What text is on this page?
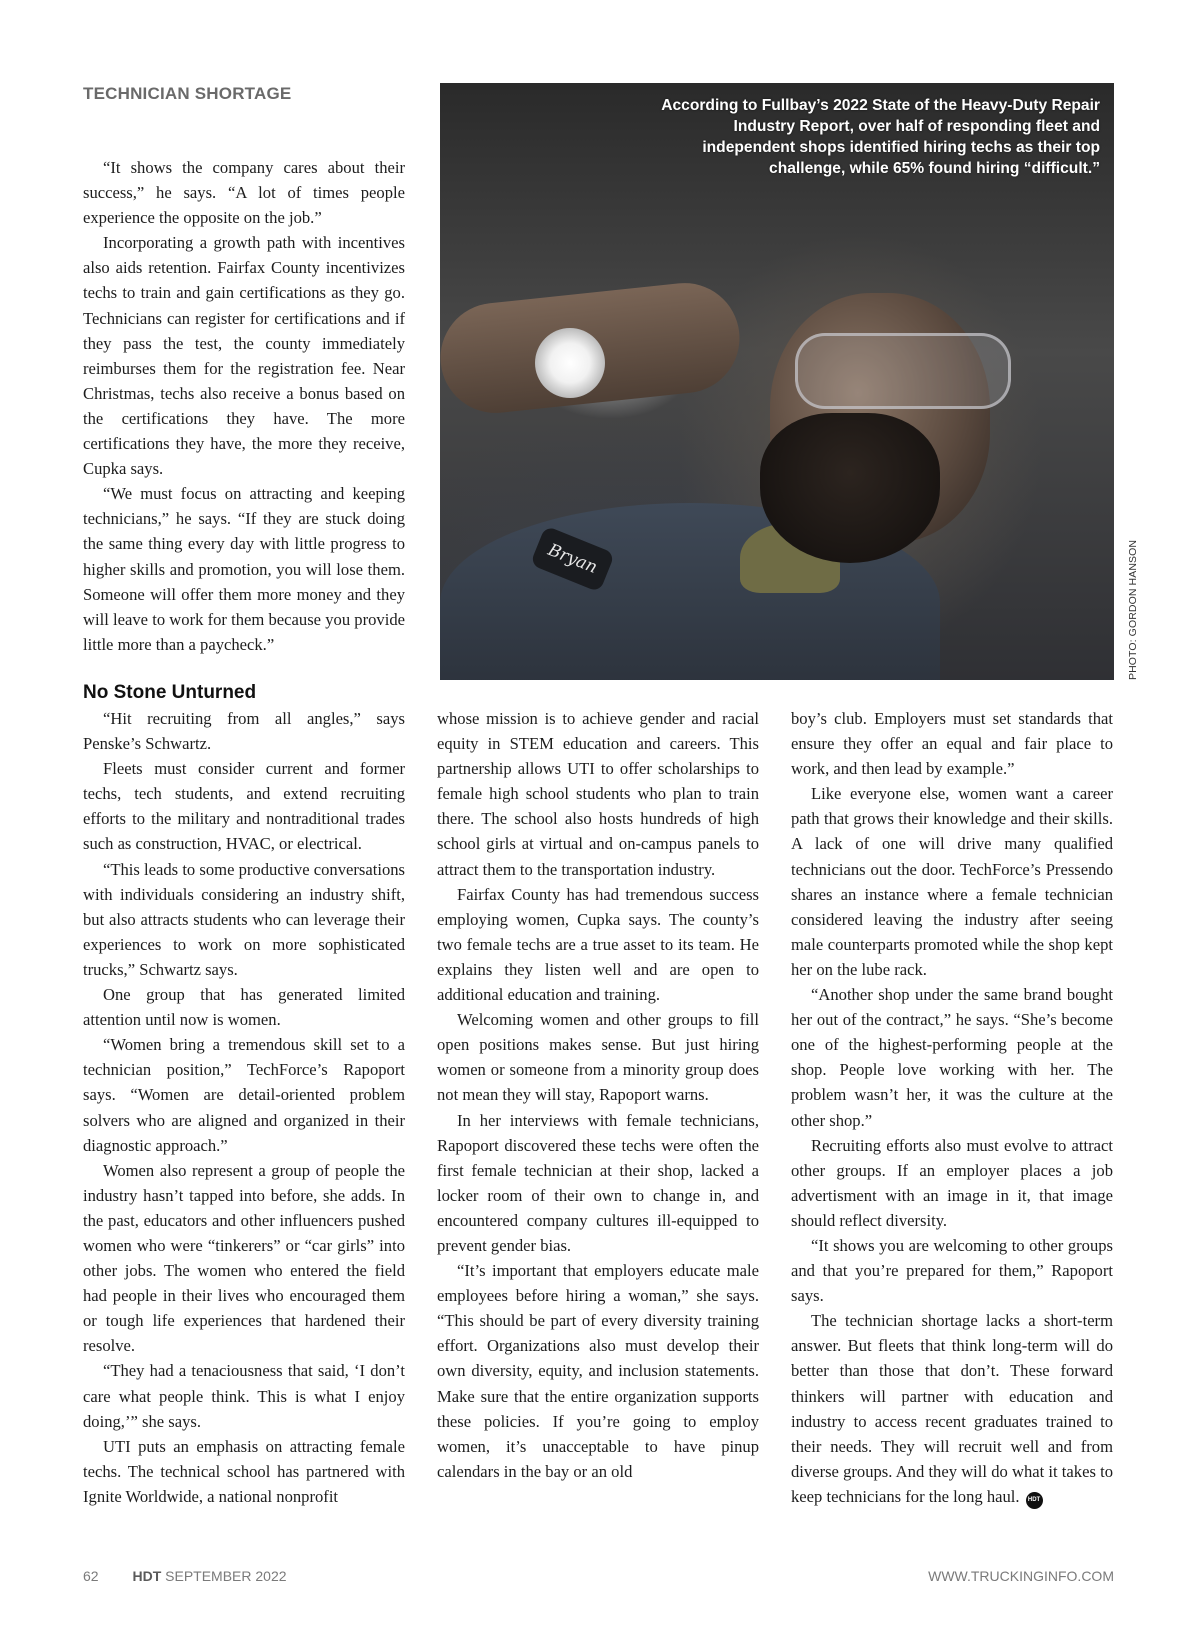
TECHNICIAN SHORTAGE

“It shows the company cares about their success,” he says. “A lot of times people experience the opposite on the job.”

Incorporating a growth path with incentives also aids retention. Fairfax County incentivizes techs to train and gain certifications as they go. Technicians can register for certifications and if they pass the test, the county immediately reimburses them for the registration fee. Near Christmas, techs also receive a bonus based on the certifications they have. The more certifications they have, the more they receive, Cupka says.

“We must focus on attracting and keeping technicians,” he says. “If they are stuck doing the same thing every day with little progress to higher skills and promotion, you will lose them. Someone will offer them more money and they will leave to work for them because you provide little more than a paycheck.”

Bryan

According to Fullbay’s 2022 State of the Heavy-Duty Repair Industry Report, over half of responding fleet and independent shops identified hiring techs as their top challenge, while 65% found hiring “difficult.”

PHOTO: GORDON HANSON
No Stone Unturned

“Hit recruiting from all angles,” says Penske’s Schwartz.

Fleets must consider current and former techs, tech students, and extend recruiting efforts to the military and nontraditional trades such as construction, HVAC, or electrical.

“This leads to some productive conversations with individuals considering an industry shift, but also attracts students who can leverage their experiences to work on more sophisticated trucks,” Schwartz says.

One group that has generated limited attention until now is women.

“Women bring a tremendous skill set to a technician position,” TechForce’s Rapoport says. “Women are detail-oriented problem solvers who are aligned and organized in their diagnostic approach.”

Women also represent a group of people the industry hasn’t tapped into before, she adds. In the past, educators and other influencers pushed women who were “tinkerers” or “car girls” into other jobs. The women who entered the field had people in their lives who encouraged them or tough life experiences that hardened their resolve.

“They had a tenaciousness that said, ‘I don’t care what people think. This is what I enjoy doing,’” she says.

UTI puts an emphasis on attracting female techs. The technical school has partnered with Ignite Worldwide, a national nonprofit

whose mission is to achieve gender and racial equity in STEM education and careers. This partnership allows UTI to offer scholarships to female high school students who plan to train there. The school also hosts hundreds of high school girls at virtual and on-campus panels to attract them to the transportation industry.

Fairfax County has had tremendous success employing women, Cupka says. The county’s two female techs are a true asset to its team. He explains they listen well and are open to additional education and training.

Welcoming women and other groups to fill open positions makes sense. But just hiring women or someone from a minority group does not mean they will stay, Rapoport warns.

In her interviews with female technicians, Rapoport discovered these techs were often the first female technician at their shop, lacked a locker room of their own to change in, and encountered company cultures ill-equipped to prevent gender bias.

“It’s important that employers educate male employees before hiring a woman,” she says. “This should be part of every diversity training effort. Organizations also must develop their own diversity, equity, and inclusion statements. Make sure that the entire organization supports these policies. If you’re going to employ women, it’s unacceptable to have pinup calendars in the bay or an old

boy’s club. Employers must set standards that ensure they offer an equal and fair place to work, and then lead by example.”

Like everyone else, women want a career path that grows their knowledge and their skills. A lack of one will drive many qualified technicians out the door. TechForce’s Pressendo shares an instance where a female technician considered leaving the industry after seeing male counterparts promoted while the shop kept her on the lube rack.

“Another shop under the same brand bought her out of the contract,” he says. “She’s become one of the highest-performing people at the shop. People love working with her. The problem wasn’t her, it was the culture at the other shop.”

Recruiting efforts also must evolve to attract other groups. If an employer places a job advertisment with an image in it, that image should reflect diversity.

“It shows you are welcoming to other groups and that you’re prepared for them,” Rapoport says.

The technician shortage lacks a short-term answer. But fleets that think long-term will do better than those that don’t. These forward thinkers will partner with education and industry to access recent graduates trained to their needs. They will recruit well and from diverse groups. And they will do what it takes to keep technicians for the long haul. HDT

62 HDT SEPTEMBER 2022	WWW.TRUCKINGINFO.COM
